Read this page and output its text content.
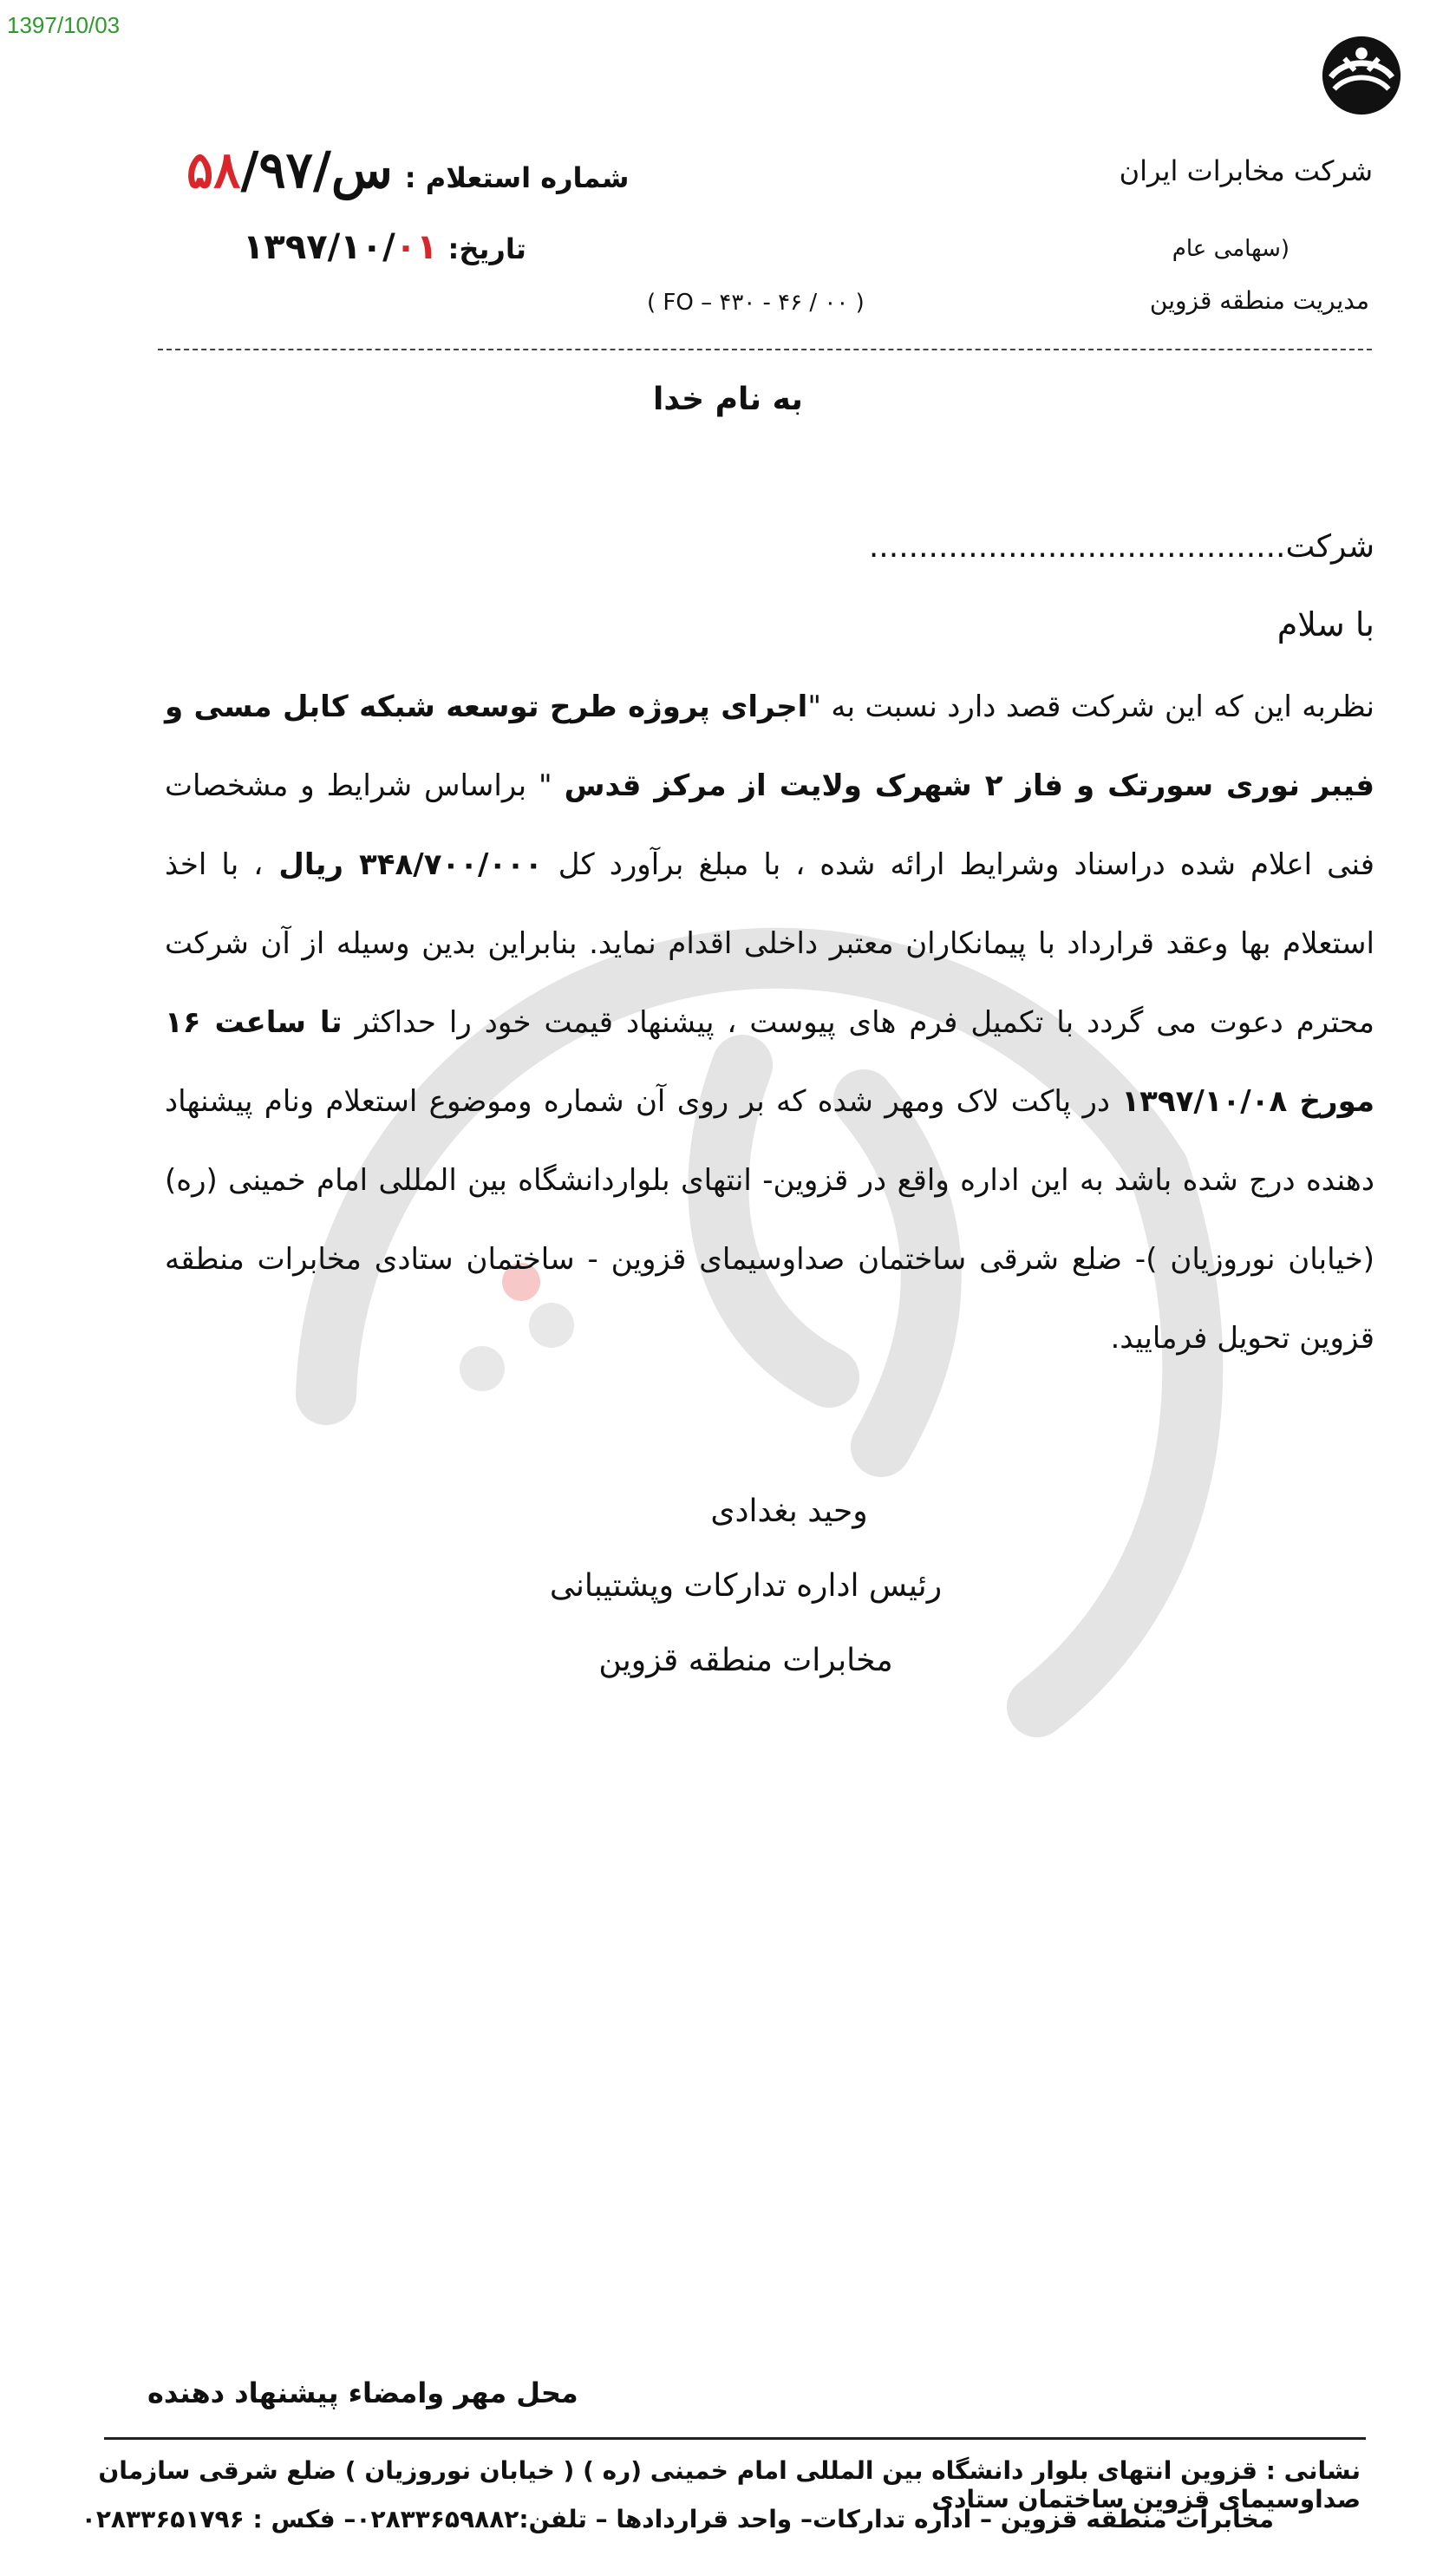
1397/10/03
شرکت مخابرات ایران
(سهامی عام
مدیریت منطقه قزوین
س/۵۸/۹۷	شماره استعلام :
۱۳۹۷/۱۰/۰۱ تاریخ:
( FO – ۴۳۰ - ۴۶ / ۰۰ )
به نام خدا
شرکت..........................................
با سلام
نظربه این که این شرکت قصد دارد نسبت به "اجرای پروژه طرح توسعه شبکه کابل مسی و فیبر نوری سورتک و فاز ۲ شهرک ولایت از مرکز قدس " براساس شرایط و مشخصات فنی اعلام شده دراسناد وشرایط ارائه شده ، با مبلغ برآورد کل ۳۴۸/۷۰۰/۰۰۰ ریال ، با اخذ استعلام بها وعقد قرارداد با پیمانکاران معتبر داخلی اقدام نماید. بنابراین بدین وسیله از آن شرکت محترم دعوت می گردد با تکمیل فرم های پیوست ، پیشنهاد قیمت خود را حداکثر تا ساعت ۱۶ مورخ ۱۳۹۷/۱۰/۰۸ در پاکت لاک ومهر شده که بر روی آن شماره وموضوع استعلام ونام پیشنهاد دهنده درج شده باشد به این اداره واقع در قزوین- انتهای بلواردانشگاه بین المللی امام خمینی (ره) (خیابان نوروزیان )- ضلع شرقی ساختمان صداوسیمای قزوین - ساختمان ستادی مخابرات منطقه قزوین تحویل فرمایید.
وحید بغدادی
رئیس اداره تدارکات وپشتیبانی
مخابرات منطقه قزوین
محل مهر وامضاء پیشنهاد دهنده
نشانی : قزوین انتهای بلوار دانشگاه بین المللی امام خمینی (ره ) ( خیابان نوروزیان ) ضلع شرقی سازمان صداوسیمای قزوین ساختمان ستادی
مخابرات منطقه قزوین – اداره تدارکات– واحد قراردادها – تلفن:۰۲۸۳۳۶۵۹۸۸۲– فکس : ۰۲۸۳۳۶۵۱۷۹۶
